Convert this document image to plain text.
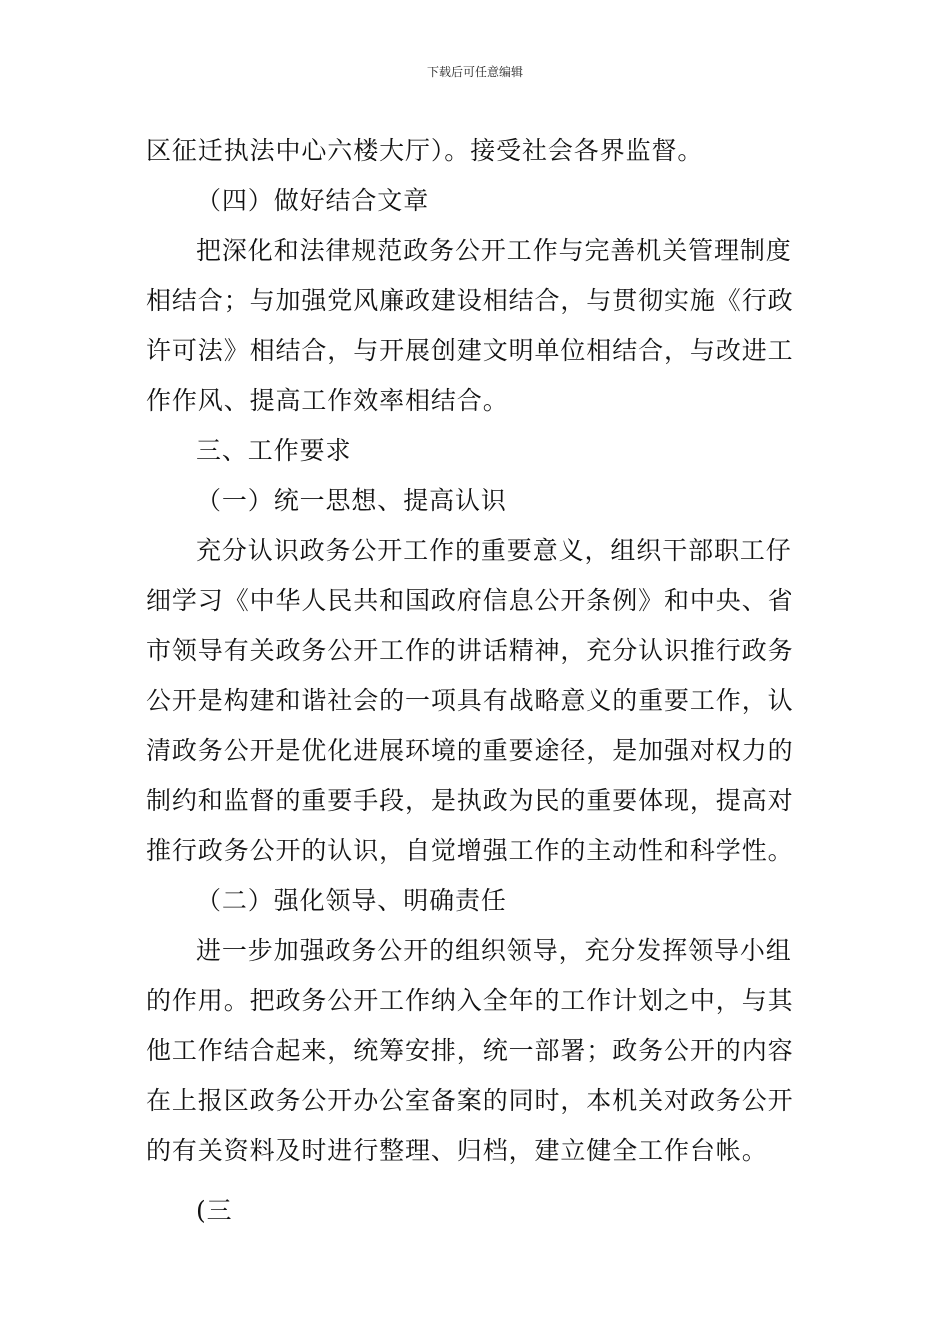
下载后可任意编辑
区征迁执法中心六楼大厅）。接受社会各界监督。
（四）做好结合文章
把深化和法律规范政务公开工作与完善机关管理制度
相结合；与加强党风廉政建设相结合，与贯彻实施《行政
许可法》相结合，与开展创建文明单位相结合，与改进工
作作风、提高工作效率相结合。
三、工作要求
（一）统一思想、提高认识
充分认识政务公开工作的重要意义，组织干部职工仔
细学习《中华人民共和国政府信息公开条例》和中央、省
市领导有关政务公开工作的讲话精神，充分认识推行政务
公开是构建和谐社会的一项具有战略意义的重要工作，认
清政务公开是优化进展环境的重要途径，是加强对权力的
制约和监督的重要手段，是执政为民的重要体现，提高对
推行政务公开的认识，自觉增强工作的主动性和科学性。
（二）强化领导、明确责任
进一步加强政务公开的组织领导，充分发挥领导小组
的作用。把政务公开工作纳入全年的工作计划之中，与其
他工作结合起来，统筹安排，统一部署；政务公开的内容
在上报区政务公开办公室备案的同时，本机关对政务公开
的有关资料及时进行整理、归档，建立健全工作台帐。
(三
